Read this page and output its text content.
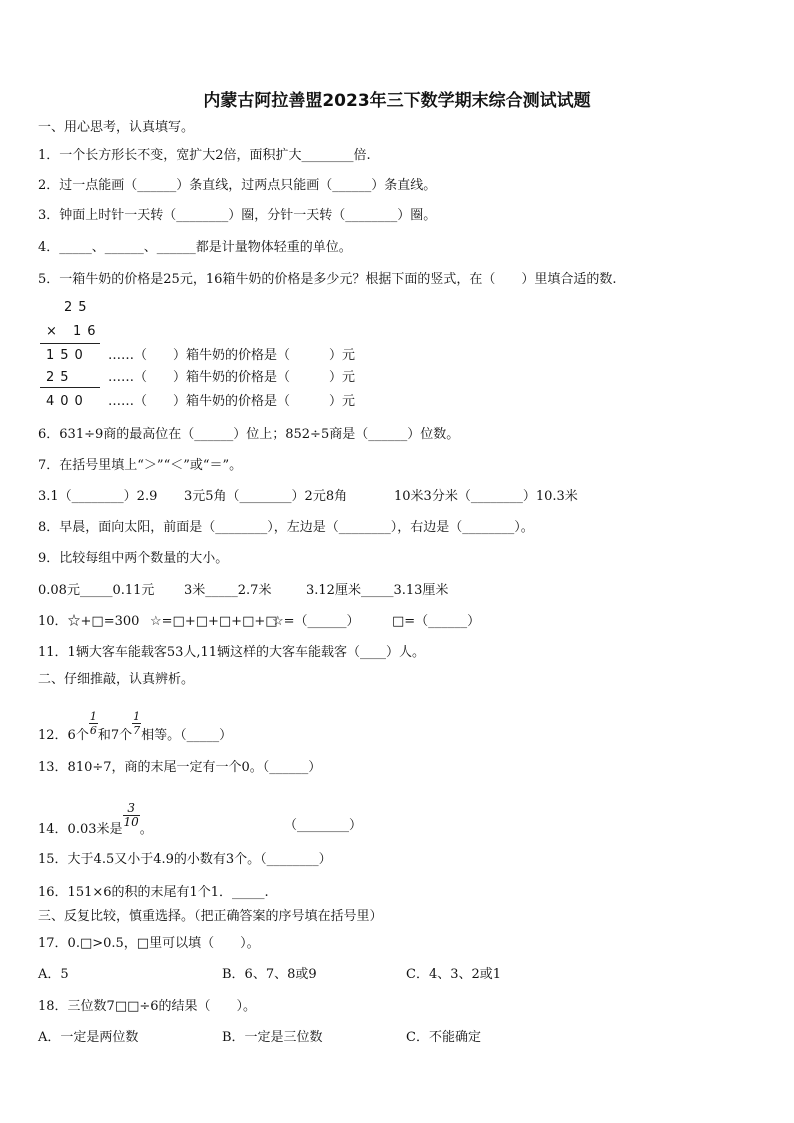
内蒙古阿拉善盟2023年三下数学期末综合测试试题
一、用心思考，认真填写。
1．一个长方形长不变，宽扩大2倍，面积扩大________倍.
2．过一点能画（______）条直线，过两点只能画（______）条直线。
3．钟面上时针一天转（________）圈，分针一天转（________）圈。
4．_____、______、______都是计量物体轻重的单位。
5．一箱牛奶的价格是25元，16箱牛奶的价格是多少元？根据下面的竖式，在（　　）里填合适的数.
25
× 16
150 ……（　　）箱牛奶的价格是（　　　）元
25	……（　　）箱牛奶的价格是（　　　）元
400 ……（　　）箱牛奶的价格是（　　　）元
6．631÷9商的最高位在（______）位上；852÷5商是（______）位数。
7．在括号里填上“＞”“＜”或“＝”。
3.1（________）2.9 3元5角（________）2元8角	10米3分米（________）10.3米
8．早晨，面向太阳，前面是（________），左边是（________），右边是（________）。
9．比较每组中两个数量的大小。
0.08元_____0.11元 3米_____2.7米	3.12厘米_____3.13厘米
10．☆+□=300 ☆=□+□+□+□+□
☆=（______） □=（______）
11．1辆大客车能载客53人,11辆这样的大客车能载客（____）人。
二、仔细推敲，认真辨析。
12．6个 $\frac{1}{6}$ 和7个 $\frac{1}{7}$ 相等。（_____）
13．810÷7，商的末尾一定有一个0。（______）
14．0.03米是
$\frac{3}{10}$
。	（________）
15．大于4.5又小于4.9的小数有3个。（________）
16．151×6的积的末尾有1个1．_____.
三、反复比较，慎重选择。（把正确答案的序号填在括号里）
17．0.□>0.5，□里可以填（　　）。
A．5	B．6、7、8或9	C．4、3、2或1
18．三位数7□□÷6的结果（　　）。
A．一定是两位数	B．一定是三位数	C．不能确定
